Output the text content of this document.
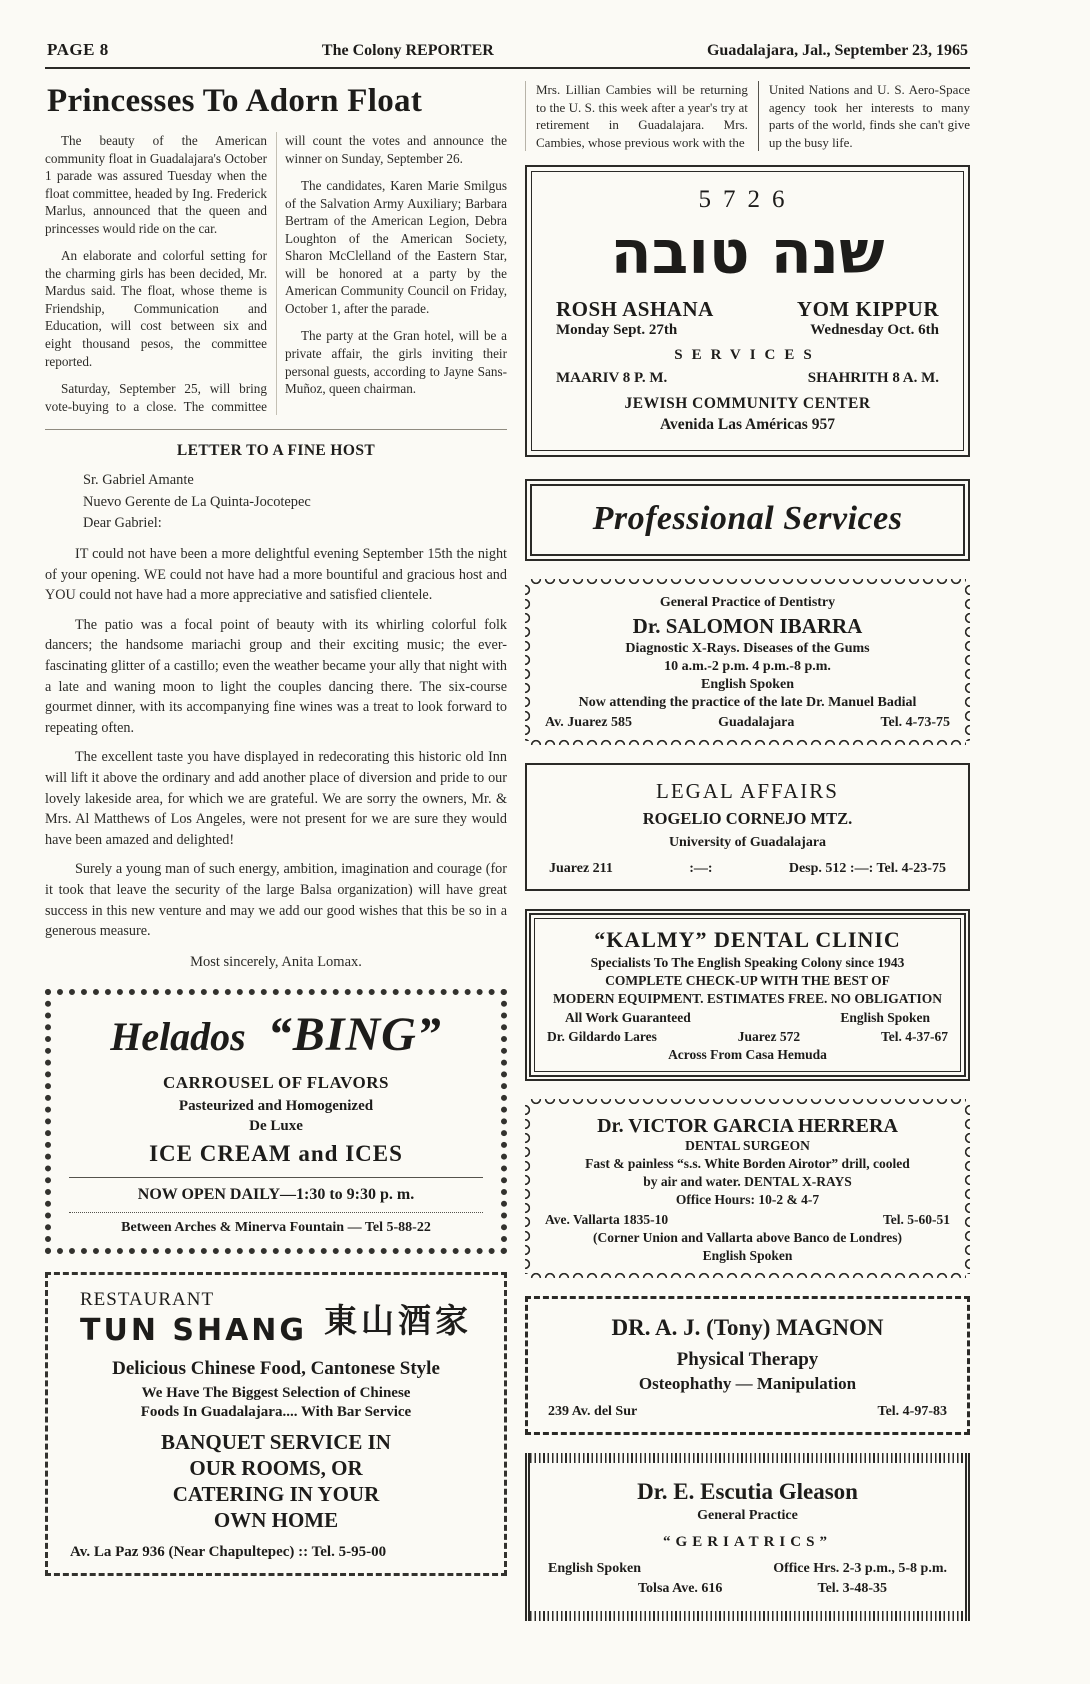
PAGE 8	The Colony REPORTER	Guadalajara, Jal., September 23, 1965
Princesses To Adorn Float

The beauty of the American community float in Guadalajara's October 1 parade was assured Tuesday when the float committee, headed by Ing. Frederick Marlus, announced that the queen and princesses would ride on the car.

An elaborate and colorful setting for the charming girls has been decided, Mr. Mardus said. The float, whose theme is Friendship, Communication and Education, will cost between six and eight thousand pesos, the committee reported.

Saturday, September 25, will bring vote-buying to a close. The committee will count the votes and announce the winner on Sunday, September 26.

The candidates, Karen Marie Smilgus of the Salvation Army Auxiliary; Barbara Bertram of the American Legion, Debra Loughton of the American Society, Sharon McClelland of the Eastern Star, will be honored at a party by the American Community Council on Friday, October 1, after the parade.

The party at the Gran hotel, will be a private affair, the girls inviting their personal guests, according to Jayne Sans-Muñoz, queen chairman.

LETTER TO A FINE HOST
Sr. Gabriel Amante
Nuevo Gerente de La Quinta-Jocotepec
Dear Gabriel:

IT could not have been a more delightful evening September 15th the night of your opening. WE could not have had a more bountiful and gracious host and YOU could not have had a more appreciative and satisfied clientele.

The patio was a focal point of beauty with its whirling colorful folk dancers; the handsome mariachi group and their exciting music; the ever-fascinating glitter of a castillo; even the weather became your ally that night with a late and waning moon to light the couples dancing there. The six-course gourmet dinner, with its accompanying fine wines was a treat to look forward to repeating often.

The excellent taste you have displayed in redecorating this historic old Inn will lift it above the ordinary and add another place of diversion and pride to our lovely lakeside area, for which we are grateful. We are sorry the owners, Mr. & Mrs. Al Matthews of Los Angeles, were not present for we are sure they would have been amazed and delighted!

Surely a young man of such energy, ambition, imagination and courage (for it took that leave the security of the large Balsa organization) will have great success in this new venture and may we add our good wishes that this be so in a generous measure.

Most sincerely, Anita Lomax.
Helados “BING”
CARROUSEL OF FLAVORS
Pasteurized and Homogenized
De Luxe
ICE CREAM and ICES
NOW OPEN DAILY—1:30 to 9:30 p. m.
Between Arches & Minerva Fountain — Tel 5-88-22
RESTAURANT
TUN SHANG 東山酒家
Delicious Chinese Food, Cantonese Style
We Have The Biggest Selection of Chinese
Foods In Guadalajara.... With Bar Service
BANQUET SERVICE IN
OUR ROOMS, OR
CATERING IN YOUR
OWN HOME
Av. La Paz 936 (Near Chapultepec) :: Tel. 5-95-00

Mrs. Lillian Cambies will be returning to the U. S. this week after a year's try at retirement in Guadalajara. Mrs. Cambies, whose previous work with the

United Nations and U. S. Aero-Space agency took her interests to many parts of the world, finds she can't give up the busy life.

5726
שנה טובה
ROSH ASHANA	YOM KIPPUR
Monday Sept. 27th	Wednesday Oct. 6th
SERVICES
MAARIV 8 P. M.	SHAHRITH 8 A. M.
JEWISH COMMUNITY CENTER
Avenida Las Américas 957
Professional Services
General Practice of Dentistry
Dr. SALOMON IBARRA
Diagnostic X-Rays. Diseases of the Gums
10 a.m.-2 p.m. 4 p.m.-8 p.m.
English Spoken
Now attending the practice of the late Dr. Manuel Badial
Av. Juarez 585	Guadalajara	Tel. 4-73-75
LEGAL AFFAIRS
ROGELIO CORNEJO MTZ.
University of Guadalajara
Juarez 211	:—:	Desp. 512 :—: Tel. 4-23-75
“KALMY” DENTAL CLINIC
Specialists To The English Speaking Colony since 1943
COMPLETE CHECK-UP WITH THE BEST OF
MODERN EQUIPMENT. ESTIMATES FREE. NO OBLIGATION
All Work Guaranteed	English Spoken
Dr. Gildardo Lares	Juarez 572	Tel. 4-37-67
Across From Casa Hemuda
Dr. VICTOR GARCIA HERRERA
DENTAL SURGEON
Fast & painless “s.s. White Borden Airotor” drill, cooled
by air and water. DENTAL X-RAYS
Office Hours: 10-2 & 4-7
Ave. Vallarta 1835-10	Tel. 5-60-51
(Corner Union and Vallarta above Banco de Londres)
English Spoken
DR. A. J. (Tony) MAGNON
Physical Therapy
Osteophathy — Manipulation
239 Av. del Sur	Tel. 4-97-83
Dr. E. Escutia Gleason
General Practice
“GERIATRICS”
English Spoken	Office Hrs. 2-3 p.m., 5-8 p.m.
Tolsa Ave. 616	Tel. 3-48-35
